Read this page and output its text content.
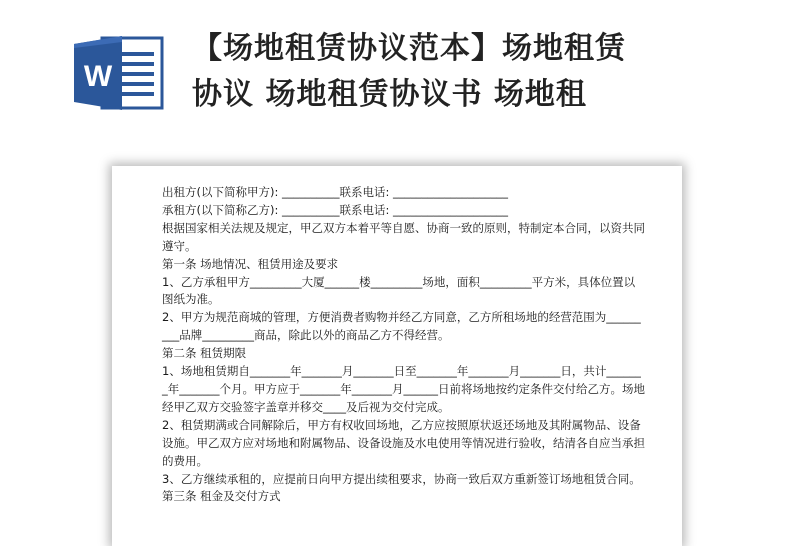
W
【场地租赁协议范本】场地租赁
协议 场地租赁协议书 场地租

出租方(以下简称甲方): __________联系电话: ____________________

承租方(以下简称乙方): __________联系电话: ____________________

根据国家相关法规及规定，甲乙双方本着平等自愿、协商一致的原则，特制定本合同，以资共同遵守。

第一条 场地情况、租赁用途及要求

1、乙方承租甲方_________大厦______楼_________场地，面积_________平方米，具体位置以图纸为准。

2、甲方为规范商城的管理，方便消费者购物并经乙方同意，乙方所租场地的经营范围为_________品牌_________商品，除此以外的商品乙方不得经营。

第二条 租赁期限

1、场地租赁期自_______年_______月_______日至_______年_______月_______日，共计_______年_______个月。甲方应于_______年_______月______日前将场地按约定条件交付给乙方。场地经甲乙双方交验签字盖章并移交____及后视为交付完成。

2、租赁期满或合同解除后，甲方有权收回场地，乙方应按照原状返还场地及其附属物品、设备设施。甲乙双方应对场地和附属物品、设备设施及水电使用等情况进行验收，结清各自应当承担的费用。

3、乙方继续承租的，应提前日向甲方提出续租要求，协商一致后双方重新签订场地租赁合同。

第三条 租金及交付方式
